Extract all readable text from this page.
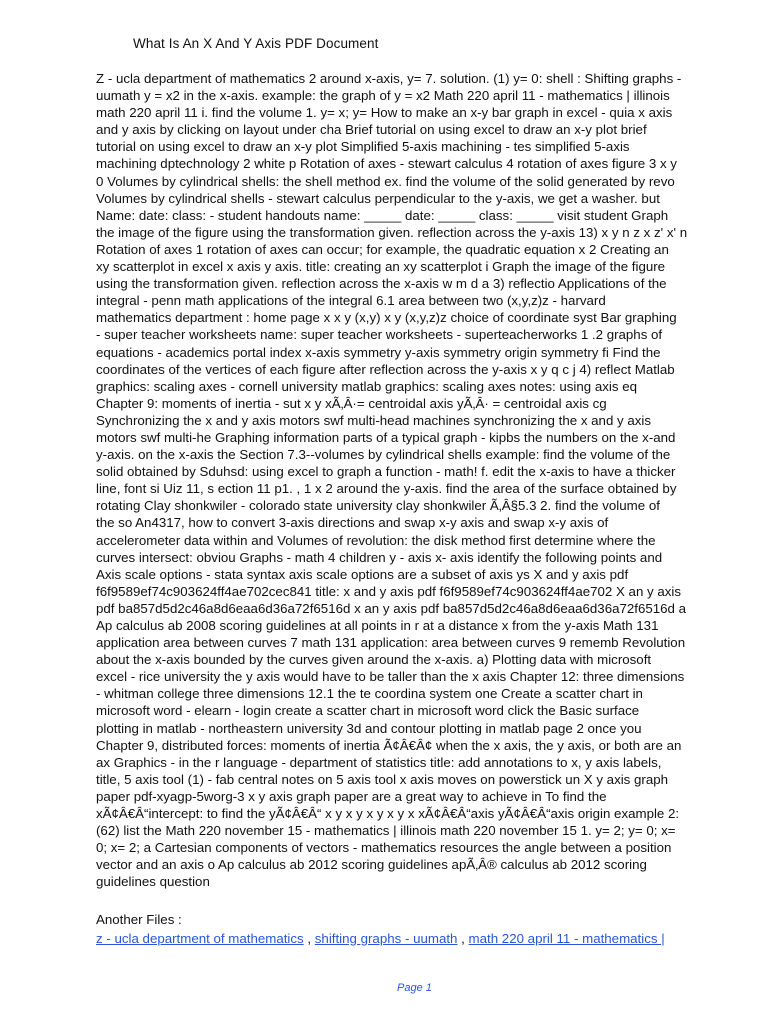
What Is An X And Y Axis PDF Document
Z - ucla department of mathematics 2 around x-axis, y= 7. solution. (1) y= 0: shell : Shifting graphs -
uumath y = x2 in the x-axis. example: the graph of y = x2 Math 220 april 11 - mathematics | illinois
math 220 april 11 i. find the volume 1. y= x; y= How to make an x-y bar graph in excel - quia x axis
and y axis by clicking on layout under cha Brief tutorial on using excel to draw an x-y plot brief
tutorial on using excel to draw an x-y plot Simplified 5-axis machining - tes simplified 5-axis
machining dptechnology 2 white p Rotation of axes - stewart calculus 4 rotation of axes figure 3 x y
0 Volumes by cylindrical shells: the shell method ex. find the volume of the solid generated by revo
Volumes by cylindrical shells - stewart calculus perpendicular to the y-axis, we get a washer. but
Name: date: class: - student handouts name: _____ date: _____ class: _____ visit student Graph
the image of the figure using the transformation given. reflection across the y-axis 13) x y n z x z' x' n
Rotation of axes 1 rotation of axes can occur; for example, the quadratic equation x 2 Creating an
xy scatterplot in excel x axis y axis. title: creating an xy scatterplot i Graph the image of the figure
using the transformation given. reflection across the x-axis w m d a 3) reflectio Applications of the
integral - penn math applications of the integral 6.1 area between two (x,y,z)z - harvard
mathematics department : home page x x y (x,y) x y (x,y,z)z choice of coordinate syst Bar graphing
- super teacher worksheets name: super teacher worksheets - superteacherworks 1 .2 graphs of
equations - academics portal index x-axis symmetry y-axis symmetry origin symmetry fi Find the
coordinates of the vertices of each figure after reflection across the y-axis x y q c j 4) reflect Matlab
graphics: scaling axes - cornell university matlab graphics: scaling axes notes: using axis eq
Chapter 9: moments of inertia - sut x y xÃ‚Â·= centroidal axis yÃ‚Â· = centroidal axis cg
Synchronizing the x and y axis motors swf multi-head machines synchronizing the x and y axis
motors swf multi-he Graphing information parts of a typical graph - kipbs the numbers on the x-and
y-axis. on the x-axis the Section 7.3--volumes by cylindrical shells example: find the volume of the
solid obtained by Sduhsd: using excel to graph a function - math! f. edit the x-axis to have a thicker
line, font si Uiz 11, s ection 11 p1. , 1 x 2 around the y-axis. find the area of the surface obtained by
rotating Clay shonkwiler - colorado state university clay shonkwiler Ã‚Â§5.3 2. find the volume of
the so An4317, how to convert 3-axis directions and swap x-y axis and swap x-y axis of
accelerometer data within and Volumes of revolution: the disk method first determine where the
curves intersect: obviou Graphs - math 4 children y - axis x- axis identify the following points and
Axis scale options - stata syntax axis scale options are a subset of axis ys X and y axis pdf
f6f9589ef74c903624ff4ae702cec841 title: x and y axis pdf f6f9589ef74c903624ff4ae702 X an y axis
pdf ba857d5d2c46a8d6eaa6d36a72f6516d x an y axis pdf ba857d5d2c46a8d6eaa6d36a72f6516d a
Ap calculus ab 2008 scoring guidelines at all points in r at a distance x from the y-axis Math 131
application area between curves 7 math 131 application: area between curves 9 rememb Revolution
about the x-axis bounded by the curves given around the x-axis. a) Plotting data with microsoft
excel - rice university the y axis would have to be taller than the x axis Chapter 12: three dimensions
- whitman college three dimensions 12.1 the te coordina system one Create a scatter chart in
microsoft word - elearn - login create a scatter chart in microsoft word click the Basic surface
plotting in matlab - northeastern university 3d and contour plotting in matlab page 2 once you
Chapter 9, distributed forces: moments of inertia Ã¢Â€Â¢ when the x axis, the y axis, or both are an
ax Graphics - in the r language - department of statistics title: add annotations to x, y axis labels,
title, 5 axis tool (1) - fab central notes on 5 axis tool x axis moves on powerstick un X y axis graph
paper pdf-xyagp-5worg-3 x y axis graph paper are a great way to achieve in To find the
xÃ¢Â€Â“intercept: to find the yÃ¢Â€Â“ x y x y x y x y x xÃ¢Â€Â“axis yÃ¢Â€Â“axis origin example 2:
(62) list the Math 220 november 15 - mathematics | illinois math 220 november 15 1. y= 2; y= 0; x=
0; x= 2; a Cartesian components of vectors - mathematics resources the angle between a position
vector and an axis o Ap calculus ab 2012 scoring guidelines apÃ‚Â® calculus ab 2012 scoring
guidelines question
Another Files :
z - ucla department of mathematics , shifting graphs - uumath , math 220 april 11 - mathematics |
Page 1
